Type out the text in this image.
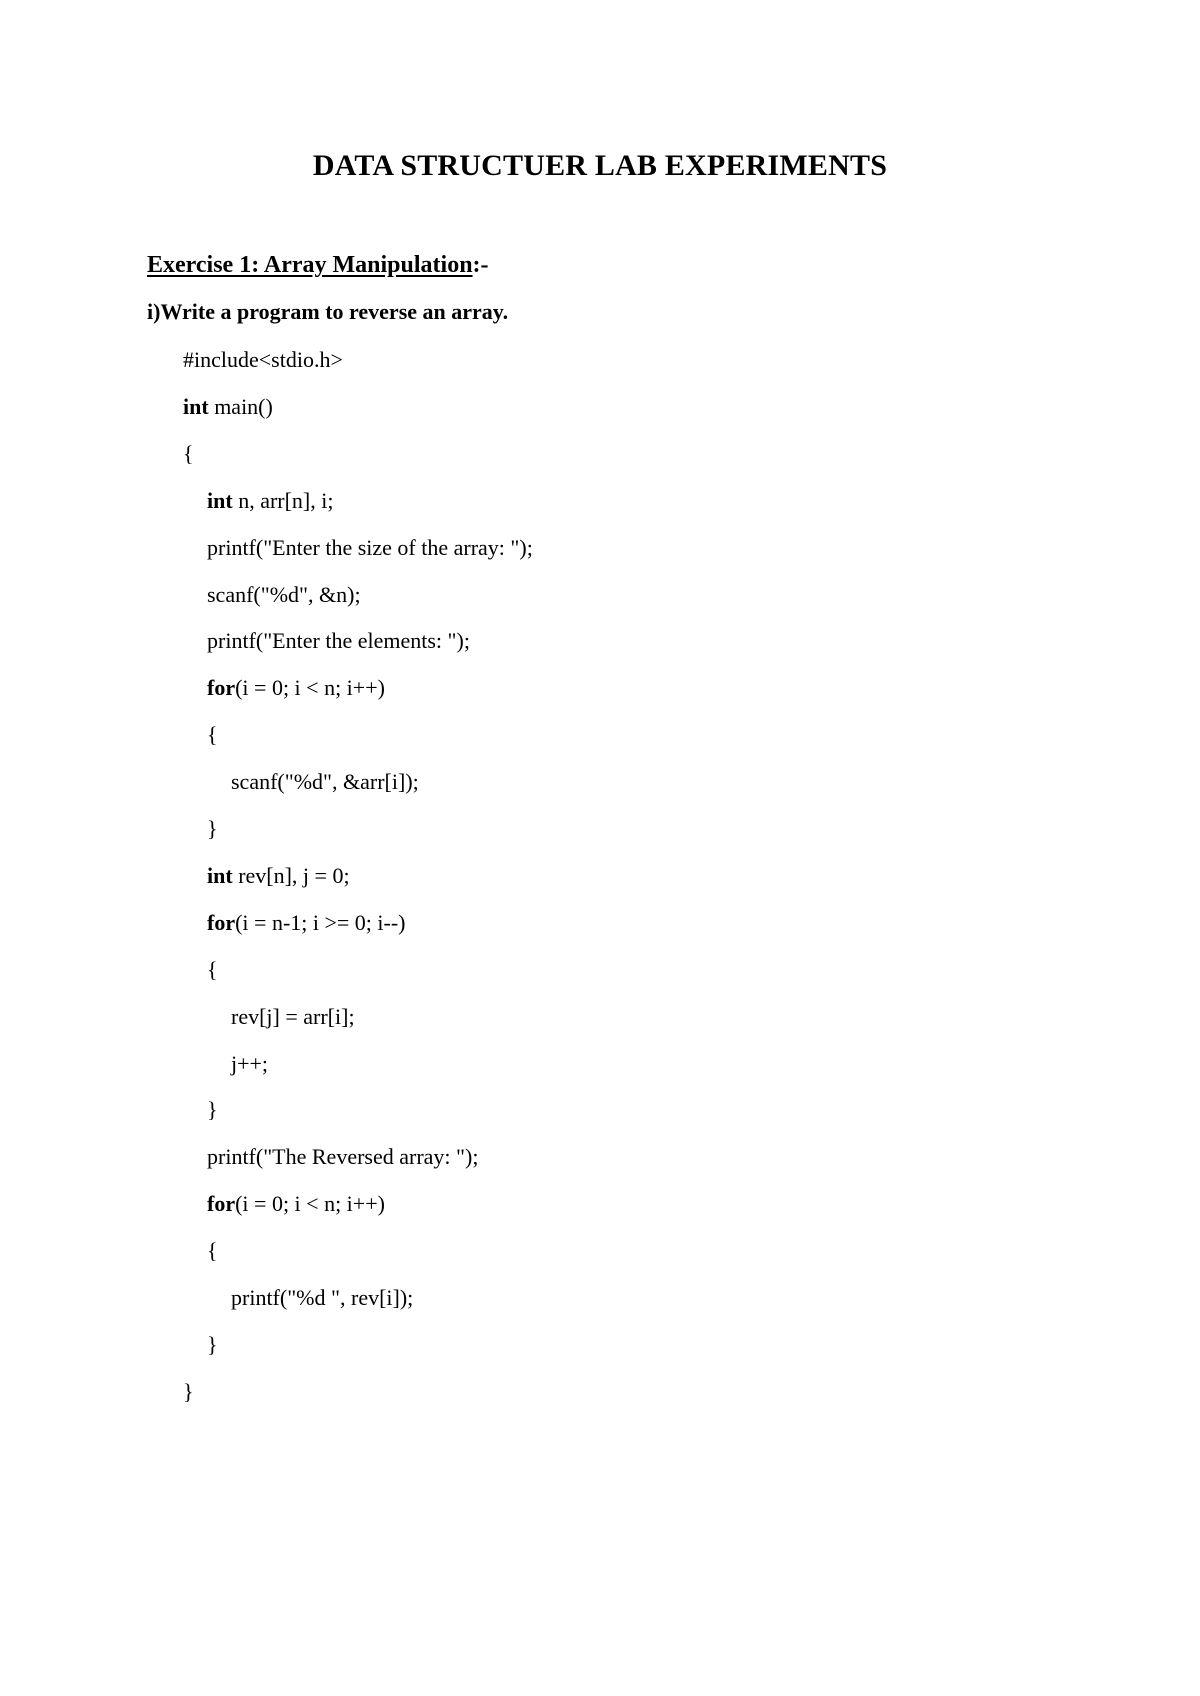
DATA STRUCTUER LAB EXPERIMENTS
Exercise 1: Array Manipulation:-
i)Write a program to reverse an array.
#include<stdio.h>
int main()
{
int n, arr[n], i;
printf("Enter the size of the array: ");
scanf("%d", &n);
printf("Enter the elements: ");
for(i = 0; i < n; i++)
{
scanf("%d", &arr[i]);
}
int rev[n], j = 0;
for(i = n-1; i >= 0; i--)
{
rev[j] = arr[i];
j++;
}
printf("The Reversed array: ");
for(i = 0; i < n; i++)
{
printf("%d ", rev[i]);
}
}
